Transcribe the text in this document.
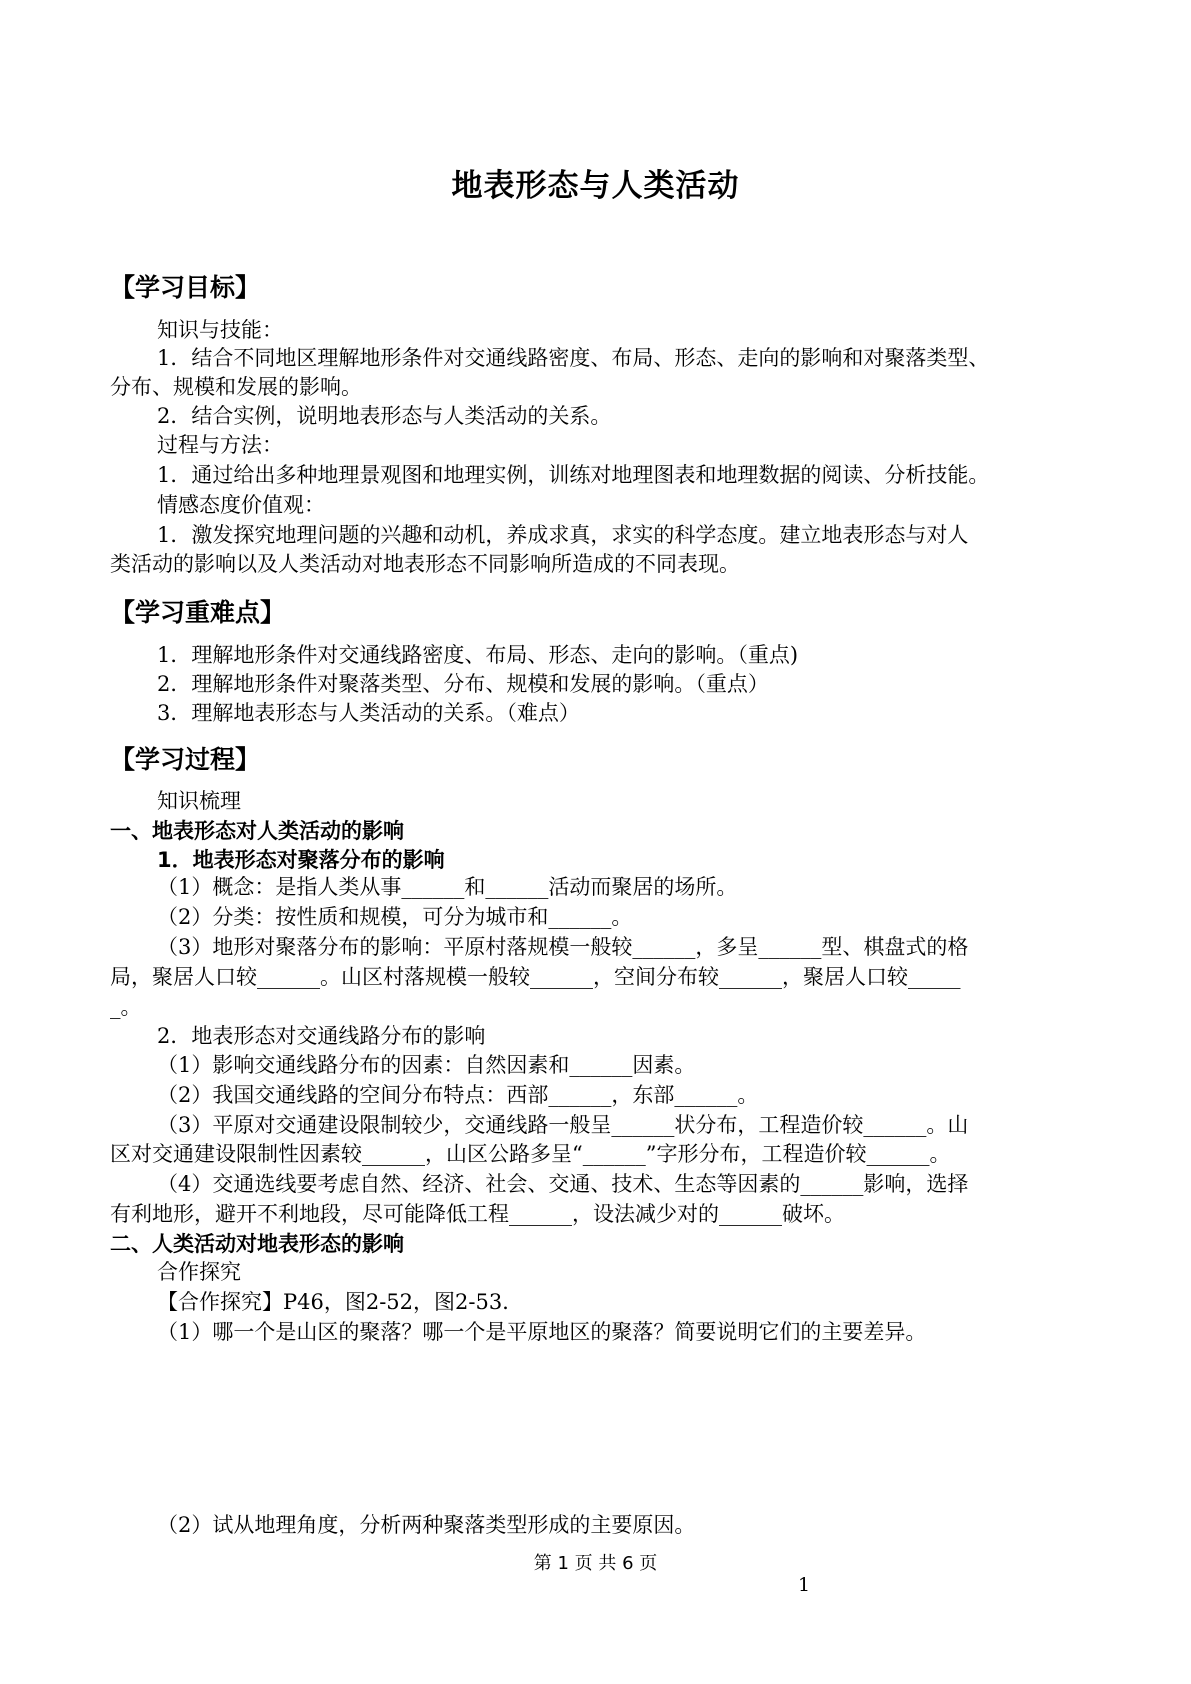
地表形态与人类活动
【学习目标】
知识与技能：
1．结合不同地区理解地形条件对交通线路密度、布局、形态、走向的影响和对聚落类型、
分布、规模和发展的影响。
2．结合实例，说明地表形态与人类活动的关系。
过程与方法：
1．通过给出多种地理景观图和地理实例，训练对地理图表和地理数据的阅读、分析技能。
情感态度价值观：
1．激发探究地理问题的兴趣和动机，养成求真，求实的科学态度。建立地表形态与对人
类活动的影响以及人类活动对地表形态不同影响所造成的不同表现。
【学习重难点】
1．理解地形条件对交通线路密度、布局、形态、走向的影响。（重点)
2．理解地形条件对聚落类型、分布、规模和发展的影响。（重点）
3．理解地表形态与人类活动的关系。（难点）
【学习过程】
知识梳理
一、地表形态对人类活动的影响
1．地表形态对聚落分布的影响
（1）概念：是指人类从事______和______活动而聚居的场所。
（2）分类：按性质和规模，可分为城市和______。
（3）地形对聚落分布的影响：平原村落规模一般较______，多呈______型、棋盘式的格
局，聚居人口较______。山区村落规模一般较______，空间分布较______，聚居人口较_____
_。
2．地表形态对交通线路分布的影响
（1）影响交通线路分布的因素：自然因素和______因素。
（2）我国交通线路的空间分布特点：西部______，东部______。
（3）平原对交通建设限制较少，交通线路一般呈______状分布，工程造价较______。山
区对交通建设限制性因素较______，山区公路多呈“______”字形分布，工程造价较______。
（4）交通选线要考虑自然、经济、社会、交通、技术、生态等因素的______影响，选择
有利地形，避开不利地段，尽可能降低工程______，设法减少对的______破坏。
二、人类活动对地表形态的影响
合作探究
【合作探究】P46，图2-52，图2-53．
（1）哪一个是山区的聚落？哪一个是平原地区的聚落？简要说明它们的主要差异。
（2）试从地理角度，分析两种聚落类型形成的主要原因。
第 1 页 共 6 页
1
